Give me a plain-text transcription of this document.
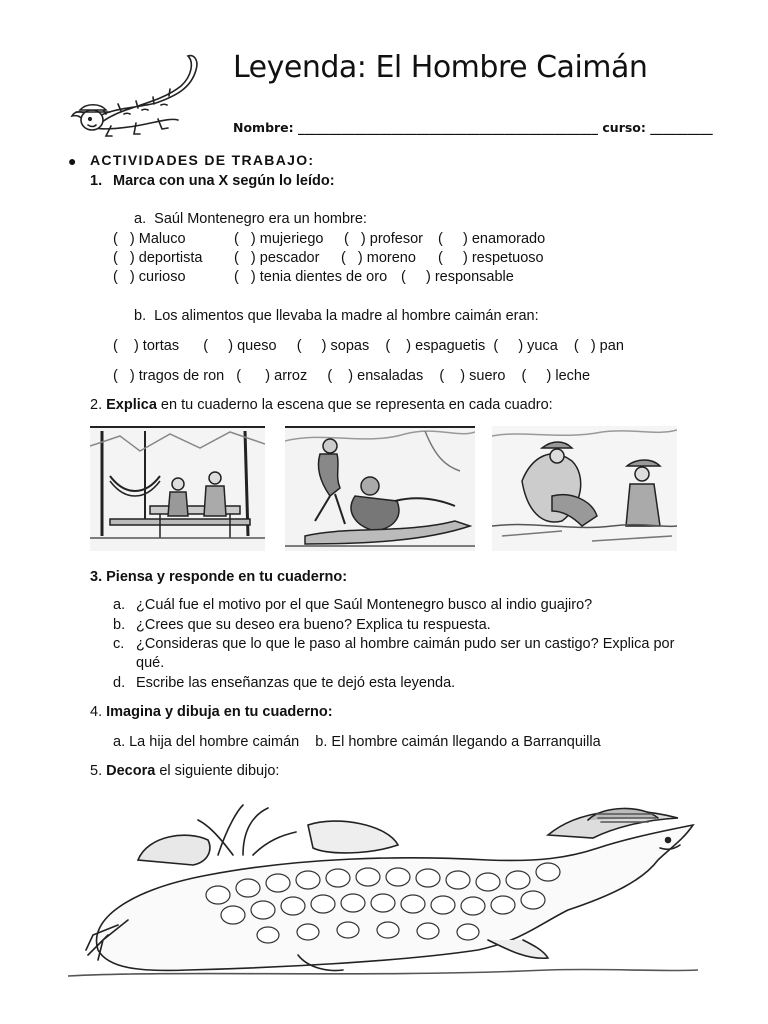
Leyenda: El Hombre Caimán
Nombre: ________________________________________________ curso: __________
● ACTIVIDADES DE TRABAJO:
1. Marca con una X según lo leído:
a.  Saúl Montenegro era un hombre:
(   ) Maluco	(   ) mujeriego (   ) profesor (     ) enamorado
(   ) deportista (   ) pescador (   ) moreno (     ) respetuoso
(   ) curioso	(   ) tenia dientes de oro (     ) responsable
b.  Los alimentos que llevaba la madre al hombre caimán eran:
(    ) tortas      (     ) queso     (     ) sopas    (    ) espaguetis  (     ) yuca    (   ) pan
(   ) tragos de ron   (      ) arroz     (    ) ensaladas    (    ) suero    (     ) leche
2. Explica en tu cuaderno la escena que se representa en cada cuadro:
3. Piensa y responde en tu cuaderno:
a. ¿Cuál fue el motivo por el que Saúl Montenegro busco al indio guajiro?
b. ¿Crees que su deseo era bueno? Explica tu respuesta.
c. ¿Consideras que lo que le paso al hombre caimán pudo ser un castigo? Explica por
qué.
d. Escribe las enseñanzas que te dejó esta leyenda.
4. Imagina y dibuja en tu cuaderno:
a. La hija del hombre caimán    b. El hombre caimán llegando a Barranquilla
5. Decora el siguiente dibujo:
